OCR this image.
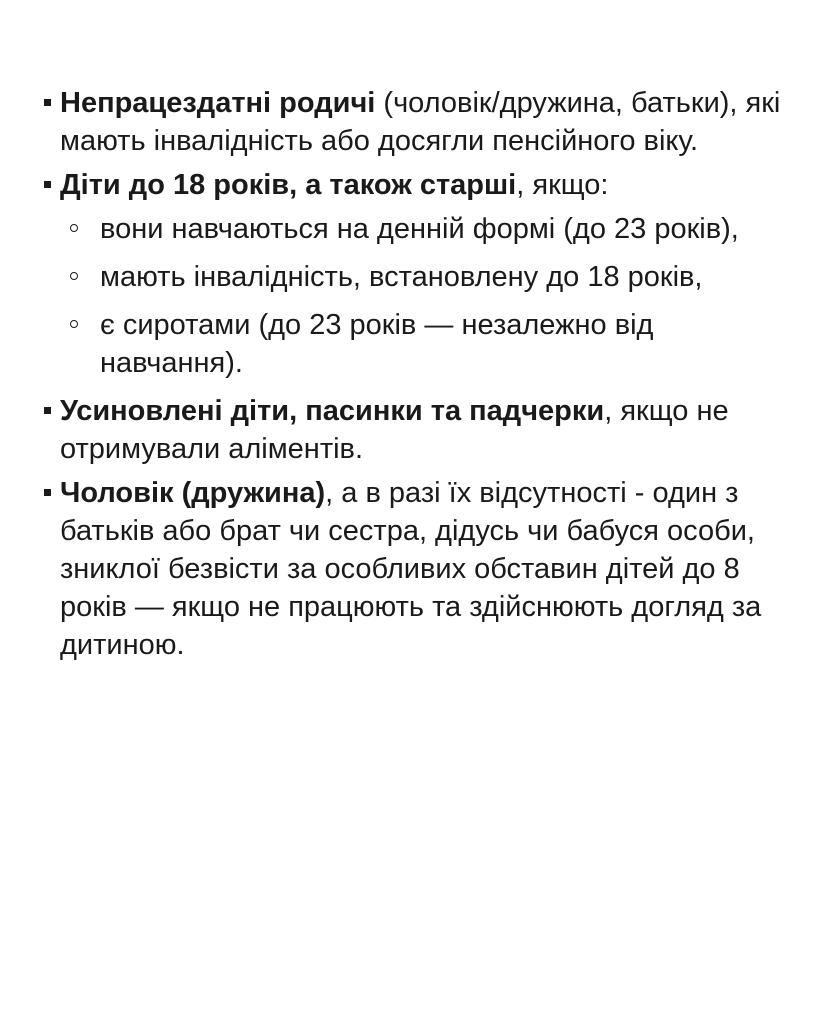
Непрацездатні родичі (чоловік/дружина, батьки), які мають інвалідність або досягли пенсійного віку.
Діти до 18 років, а також старші, якщо:
вони навчаються на денній формі (до 23 років),
мають інвалідність, встановлену до 18 років,
є сиротами (до 23 років — незалежно від навчання).
Усиновлені діти, пасинки та падчерки, якщо не отримували аліментів.
Чоловік (дружина), а в разі їх відсутності - один з батьків або брат чи сестра, дідусь чи бабуся особи, зниклої безвісти за особливих обставин дітей до 8 років — якщо не працюють та здійснюють догляд за дитиною.
